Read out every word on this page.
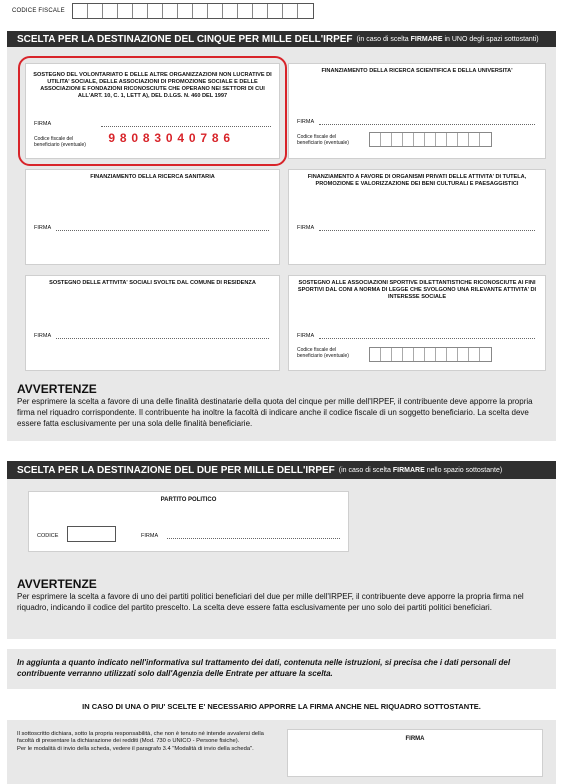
CODICE FISCALE
SCELTA PER LA DESTINAZIONE DEL CINQUE PER MILLE DELL'IRPEF (in caso di scelta FIRMARE in UNO degli spazi sottostanti)
SOSTEGNO DEL VOLONTARIATO E DELLE ALTRE ORGANIZZAZIONI NON LUCRATIVE DI UTILITA' SOCIALE, DELLE ASSOCIAZIONI DI PROMOZIONE SOCIALE E DELLE ASSOCIAZIONI E FONDAZIONI RICONOSCIUTE CHE OPERANO NEI SETTORI DI CUI ALL'ART. 10, C. 1, LETT A), DEL D.LGS. N. 460 DEL 1997
FIRMA
Codice fiscale del
beneficiario (eventuale) 9 8 0 8 3 0 4 0 7 8 6
FINANZIAMENTO DELLA RICERCA SCIENTIFICA E DELLA UNIVERSITA'
FIRMA
Codice fiscale del
beneficiario (eventuale)
FINANZIAMENTO DELLA RICERCA SANITARIA
FIRMA
FINANZIAMENTO A FAVORE DI ORGANISMI PRIVATI DELLE ATTIVITA' DI TUTELA, PROMOZIONE E VALORIZZAZIONE DEI BENI CULTURALI E PAESAGGISTICI
FIRMA
SOSTEGNO DELLE ATTIVITA' SOCIALI SVOLTE DAL COMUNE DI RESIDENZA
FIRMA
SOSTEGNO ALLE ASSOCIAZIONI SPORTIVE DILETTANTISTICHE RICONOSCIUTE AI FINI SPORTIVI DAL CONI A NORMA DI LEGGE CHE SVOLGONO UNA RILEVANTE ATTIVITA' DI INTERESSE SOCIALE
FIRMA
Codice fiscale del
beneficiario (eventuale)
AVVERTENZE
Per esprimere la scelta a favore di una delle finalità destinatarie della quota del cinque per mille dell'IRPEF, il contribuente deve apporre la propria firma nel riquadro corrispondente. Il contribuente ha inoltre la facoltà di indicare anche il codice fiscale di un soggetto beneficiario. La scelta deve essere fatta esclusivamente per una sola delle finalità beneficiarie.
SCELTA PER LA DESTINAZIONE DEL DUE PER MILLE DELL'IRPEF (in caso di scelta FIRMARE nello spazio sottostante)
PARTITO POLITICO
CODICE	FIRMA
AVVERTENZE
Per esprimere la scelta a favore di uno dei partiti politici beneficiari del due per mille dell'IRPEF, il contribuente deve apporre la propria firma nel riquadro, indicando il codice del partito prescelto. La scelta deve essere fatta esclusivamente per uno solo dei partiti politici beneficiari.
In aggiunta a quanto indicato nell'informativa sul trattamento dei dati, contenuta nelle istruzioni, si precisa che i dati personali del contribuente verranno utilizzati solo dall'Agenzia delle Entrate per attuare la scelta.
IN CASO DI UNA O PIU' SCELTE E' NECESSARIO APPORRE LA FIRMA ANCHE NEL RIQUADRO SOTTOSTANTE.
Il sottoscritto dichiara, sotto la propria responsabilità, che non è tenuto né intende avvalersi della facoltà di presentare la dichiarazione dei redditi (Mod. 730 o UNICO - Persone fisiche).
Per le modalità di invio della scheda, vedere il paragrafo 3.4 "Modalità di invio della scheda".
FIRMA
